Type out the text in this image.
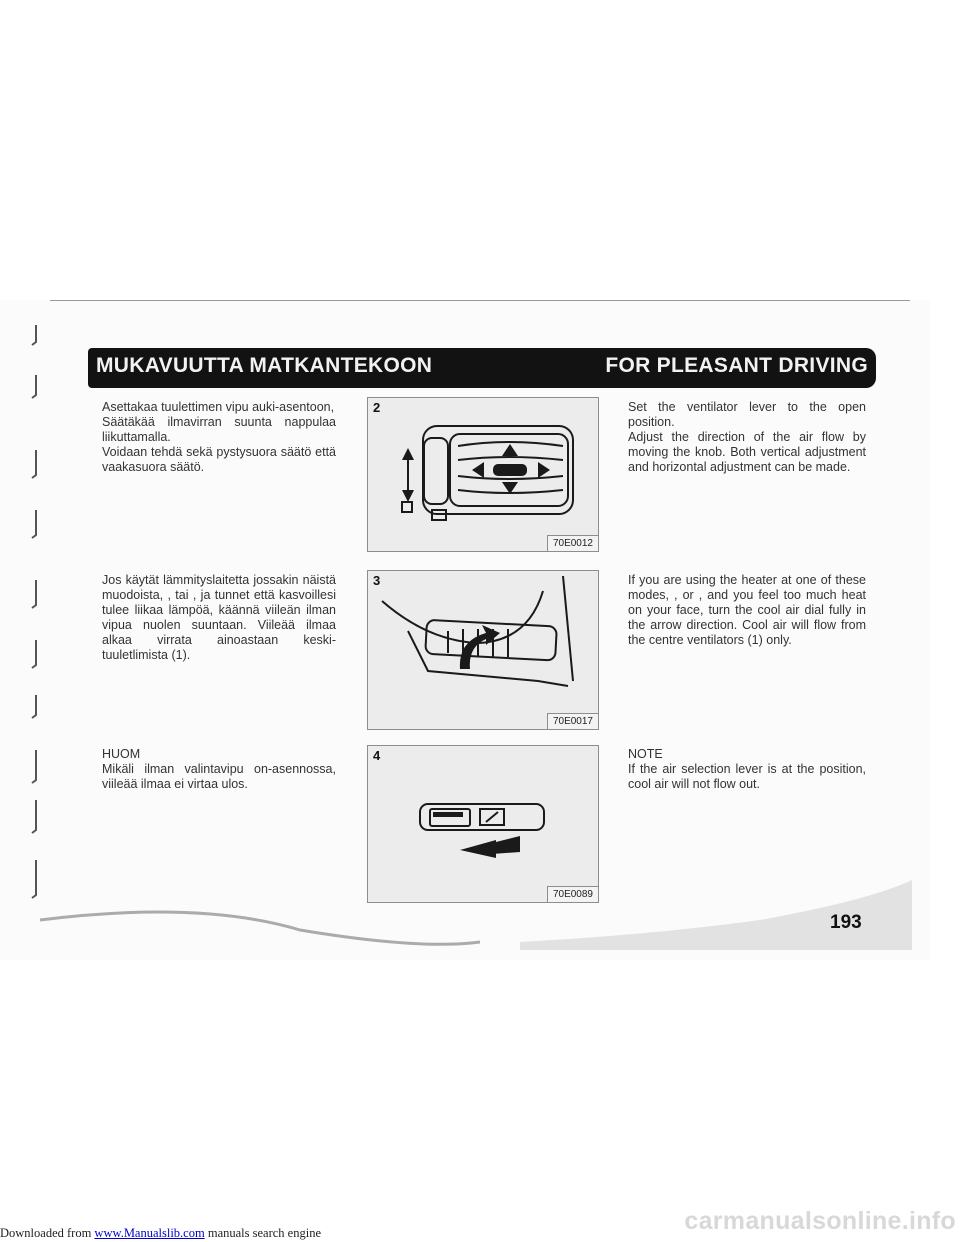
MUKAVUUTTA MATKANTEKOON	FOR PLEASANT DRIVING
Asettakaa tuulettimen vipu auki-asentoon,
Säätäkää ilmavirran suunta nappulaa liikuttamalla.
Voidaan tehdä sekä pystysuora säätö että vaakasuora säätö.
Set the ventilator lever to the open position.
Adjust the direction of the air flow by moving the knob. Both vertical adjustment and horizontal adjustment can be made.
2
70E0012
Jos käytät lämmityslaitetta jossakin näistä muodoista, , tai , ja tunnet että kasvoillesi tulee liikaa lämpöä, käännä viileän ilman vipua nuolen suuntaan. Viileää ilmaa alkaa virrata ainoastaan keski-tuuletlimista (1).
If you are using the heater at one of these modes, , or , and you feel too much heat on your face, turn the cool air dial fully in the arrow direction. Cool air will flow from the centre ventilators (1) only.
3
70E0017
HUOM
Mikäli ilman valintavipu on-asennossa, viileää ilmaa ei virtaa ulos.
NOTE
If the air selection lever is at the position, cool air will not flow out.
4
70E0089
193
Downloaded from www.Manualslib.com manuals search engine	carmanualsonline.info
